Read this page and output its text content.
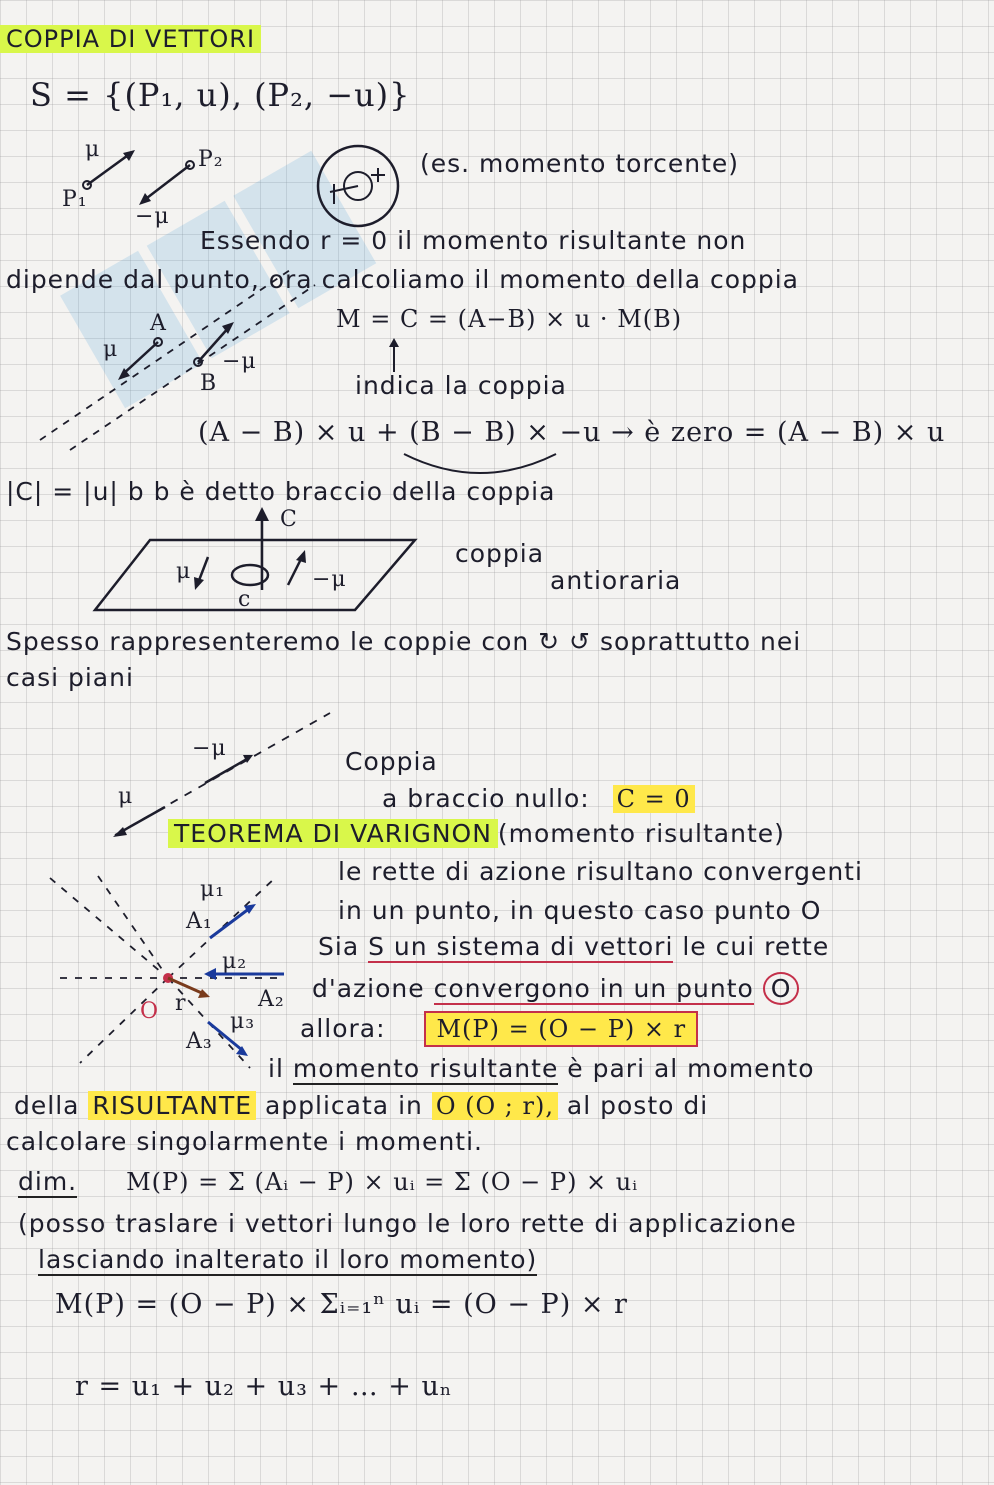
COPPIA DI VETTORI
S = {(P₁, u), (P₂, −u)}
μ
P₁
P₂
−μ
(es. momento torcente)
Essendo r = 0 il momento risultante non
dipende dal punto, ora calcoliamo il momento della coppia
A
μ	−μ
B
M = C = (A−B) × u · M(B)
indica la coppia
(A − B) × u + (B − B) × −u → è zero = (A − B) × u
|C| = |u| b b è detto braccio della coppia
C
μ	−μ
c
coppia
antioraria
Spesso rappresenteremo le coppie con ↻ ↺ soprattutto nei
casi piani
−μ
μ
Coppia
a braccio nullo: C = 0
TEOREMA DI VARIGNON (momento risultante)
le rette di azione risultano convergenti
in un punto, in questo caso punto O
Sia S un sistema di vettori le cui rette
d'azione convergono in un punto O
allora: M(P) = (O − P) × r
μ₁
A₁
μ₂
A₂
μ₃
A₃
O r
il momento risultante è pari al momento
della RISULTANTE applicata in O (O ; r), al posto di
calcolare singolarmente i momenti.
dim. M(P) = Σ (Aᵢ − P) × uᵢ = Σ (O − P) × uᵢ
(posso traslare i vettori lungo le loro rette di applicazione
lasciando inalterato il loro momento)
M(P) = (O − P) × Σᵢ₌₁ⁿ uᵢ = (O − P) × r
r = u₁ + u₂ + u₃ + … + uₙ
